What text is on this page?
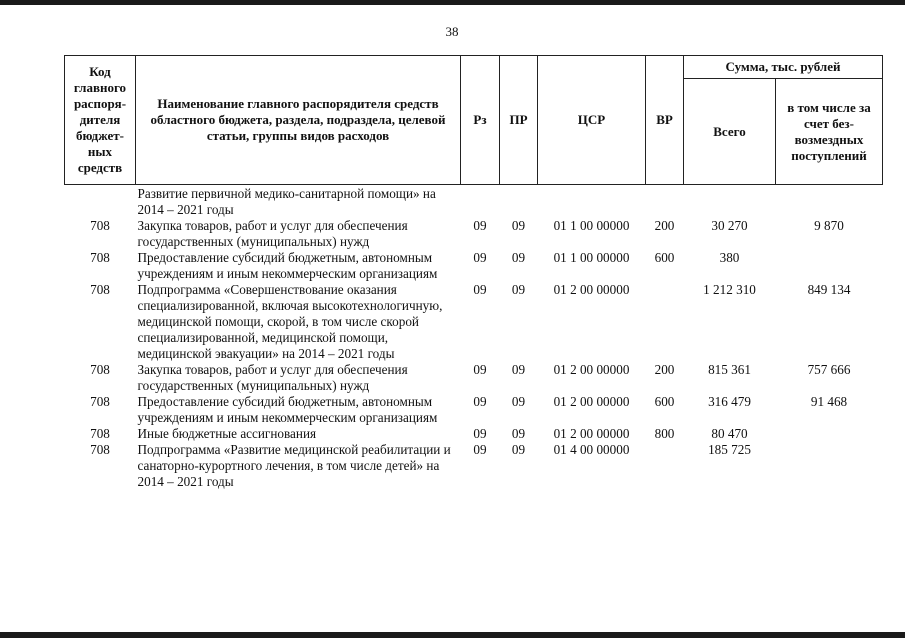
38
Код главного распоря-дителя бюджет-ных средств	Наименование главного распорядителя средств областного бюджета, раздела, подраздела, целевой статьи, группы видов расходов	Рз	ПР	ЦСР	ВР	Сумма, тыс. рублей	
						Всего	в том числе за счет без-возмездных поступлений
	Развитие первичной медико-санитарной помощи» на 2014 – 2021 годы						
708	Закупка товаров, работ и услуг для обеспечения государственных (муниципальных) нужд	09	09	01 1 00 00000	200	30 270	9 870
708	Предоставление субсидий бюджетным, автономным учреждениям и иным некоммерческим организациям	09	09	01 1 00 00000	600	380	
708	Подпрограмма «Совершенствование оказания специализированной, включая высокотехнологичную, медицинской помощи, скорой, в том числе скорой специализированной, медицинской помощи, медицинской эвакуации» на 2014 – 2021 годы	09	09	01 2 00 00000		1 212 310	849 134
708	Закупка товаров, работ и услуг для обеспечения государственных (муниципальных) нужд	09	09	01 2 00 00000	200	815 361	757 666
708	Предоставление субсидий бюджетным, автономным учреждениям и иным некоммерческим организациям	09	09	01 2 00 00000	600	316 479	91 468
708	Иные бюджетные ассигнования	09	09	01 2 00 00000	800	80 470	
708	Подпрограмма «Развитие медицинской реабилитации и санаторно-курортного лечения, в том числе детей» на 2014 – 2021 годы	09	09	01 4 00 00000		185 725	
